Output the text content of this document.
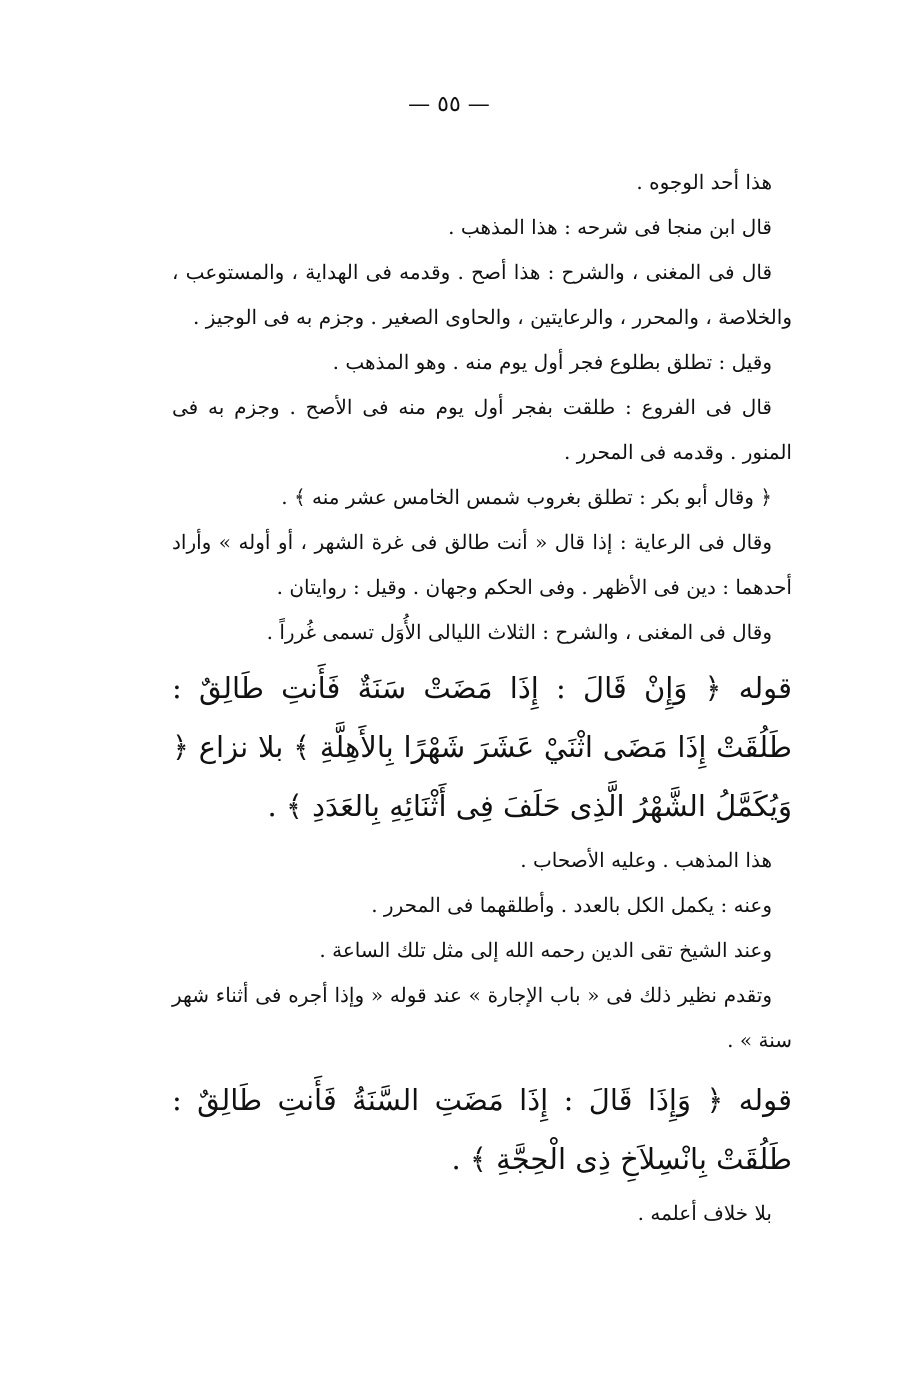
— ٥٥ —

هذا أحد الوجوه .

قال ابن منجا فى شرحه : هذا المذهب .

قال فى المغنى ، والشرح : هذا أصح . وقدمه فى الهداية ، والمستوعب ، والخلاصة ، والمحرر ، والرعايتين ، والحاوى الصغير . وجزم به فى الوجيز .

وقيل : تطلق بطلوع فجر أول يوم منه . وهو المذهب .

قال فى الفروع : طلقت بفجر أول يوم منه فى الأصح . وجزم به فى المنور . وقدمه فى المحرر .

﴿ وقال أبو بكر : تطلق بغروب شمس الخامس عشر منه ﴾ .

وقال فى الرعاية : إذا قال « أنت طالق فى غرة الشهر ، أو أوله » وأراد أحدهما : دين فى الأظهر . وفى الحكم وجهان . وقيل : روايتان .

وقال فى المغنى ، والشرح : الثلاث الليالى الأُوَل تسمى غُرراً .

قوله ﴿ وَإِنْ قَالَ : إِذَا مَضَتْ سَنَةٌ فَأَنتِ طَالِقٌ : طَلُقَتْ إِذَا مَضَى اثْنَيْ عَشَرَ شَهْرًا بِالأَهِلَّةِ ﴾ بلا نزاع ﴿ وَيُكَمَّلُ الشَّهْرُ الَّذِى حَلَفَ فِى أَثْنَائِهِ بِالعَدَدِ ﴾ .

هذا المذهب . وعليه الأصحاب .

وعنه : يكمل الكل بالعدد . وأطلقهما فى المحرر .

وعند الشيخ تقى الدين رحمه الله إلى مثل تلك الساعة .

وتقدم نظير ذلك فى « باب الإجارة » عند قوله « وإذا أجره فى أثناء شهر سنة » .

قوله ﴿ وَإِذَا قَالَ : إِذَا مَضَتِ السَّنَةُ فَأَنتِ طَالِقٌ : طَلُقَتْ بِانْسِلاَخِ ذِى الْحِجَّةِ ﴾ .

بلا خلاف أعلمه .
